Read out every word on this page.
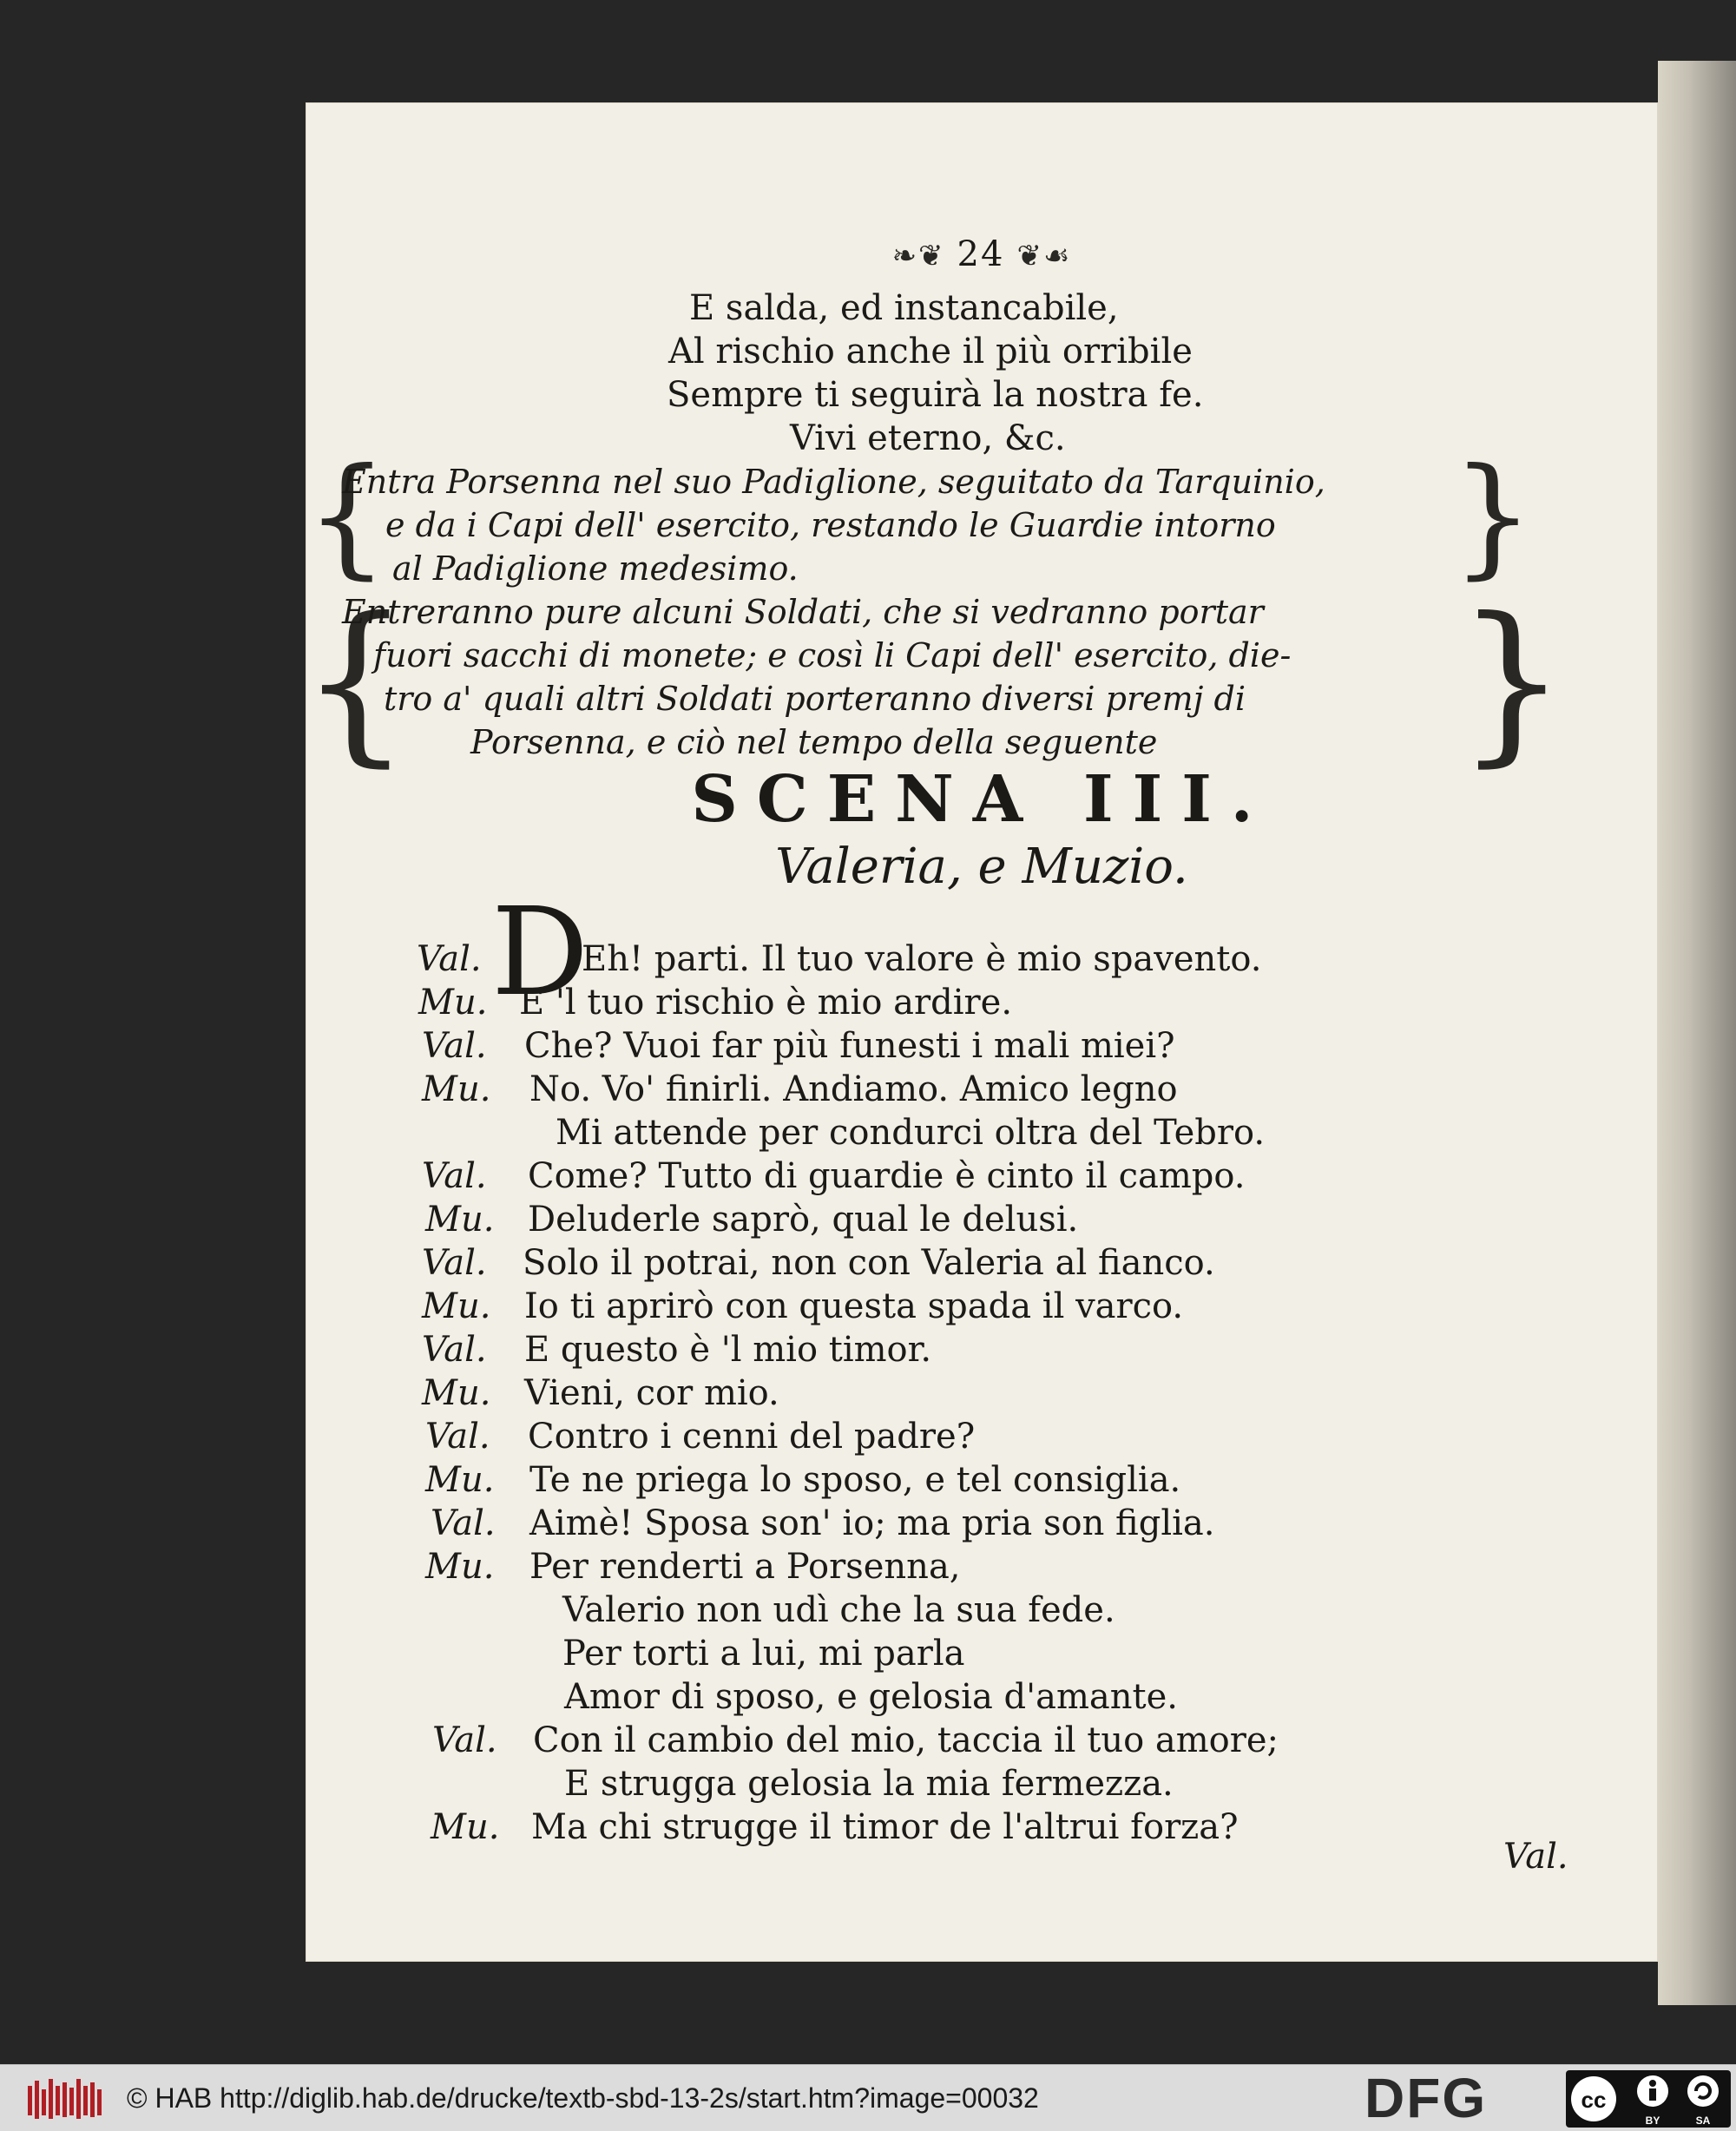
❧❦ 24 ❦☙
E salda, ed instancabile,
Al rischio anche il più orribile
Sempre ti seguirà la nostra fe.
Vivi eterno, &c.
{	}
Entra Porsenna nel suo Padiglione, seguitato da Tarquinio,
e da i Capi dell' esercito, restando le Guardie intorno
al Padiglione medesimo.
{	}
Entreranno pure alcuni Soldati, che si vedranno portar
fuori sacchi di monete; e così li Capi dell' esercito, die-
tro a' quali altri Soldati porteranno diversi premj di
Porsenna, e ciò nel tempo della seguente
SCENA III.
Valeria, e Muzio.
D
Val.	Eh! parti. Il tuo valore è mio spavento.
Mu. E 'l tuo rischio è mio ardire.
Val. Che? Vuoi far più funesti i mali miei?
Mu. No. Vo' finirli. Andiamo. Amico legno
Mi attende per condurci oltra del Tebro.
Val. Come? Tutto di guardie è cinto il campo.
Mu. Deluderle saprò, qual le delusi.
Val. Solo il potrai, non con Valeria al fianco.
Mu. Io ti aprirò con questa spada il varco.
Val. E questo è 'l mio timor.
Mu. Vieni, cor mio.
Val. Contro i cenni del padre?
Mu. Te ne priega lo sposo, e tel consiglia.
Val. Aimè! Sposa son' io; ma pria son figlia.
Mu. Per renderti a Porsenna,
Valerio non udì che la sua fede.
Per torti a lui, mi parla
Amor di sposo, e gelosia d'amante.
Val. Con il cambio del mio, taccia il tuo amore;
E strugga gelosia la mia fermezza.
Mu. Ma chi strugge il timor de l'altrui forza?
Val.
© HAB http://diglib.hab.de/drucke/textb-sbd-13-2s/start.htm?image=00032	DFG	cc
BY	SA
